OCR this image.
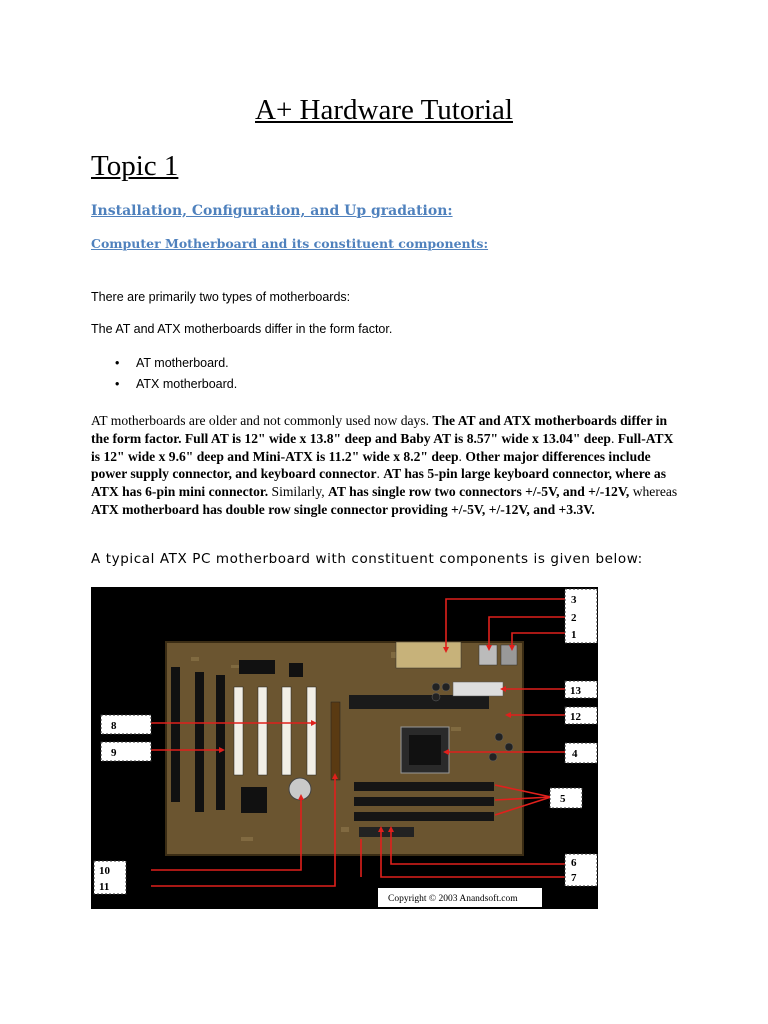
A+ Hardware Tutorial
Topic 1
Installation, Configuration, and Up gradation:
Computer Motherboard and its constituent components:
There are primarily two types of motherboards:
The AT and ATX motherboards differ in the form factor.
• AT motherboard.
• ATX motherboard.
AT motherboards are older and not commonly used now days. The AT and ATX motherboards differ in the form factor. Full AT is 12" wide x 13.8" deep and Baby AT is 8.57" wide x 13.04" deep. Full-ATX is 12" wide x 9.6" deep and Mini-ATX is 11.2" wide x 8.2" deep. Other major differences include power supply connector, and keyboard connector. AT has 5-pin large keyboard connector, where as ATX has 6-pin mini connector. Similarly, AT has single row two connectors +/-5V, and +/-12V, whereas ATX motherboard has double row single connector providing +/-5V, +/-12V, and +3.3V.
A typical ATX PC motherboard with constituent components is given below:
3
2
1
13
12
4
5
6
7
8
9
10
11
Copyright © 2003 Anandsoft.com
